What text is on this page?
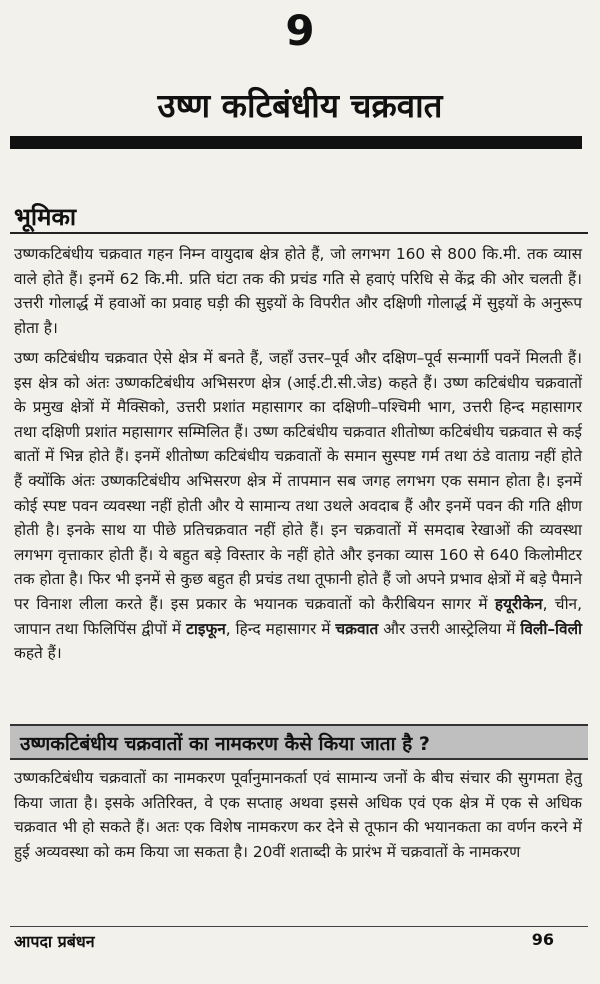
9
उष्ण कटिबंधीय चक्रवात
भूमिका

उष्णकटिबंधीय चक्रवात गहन निम्न वायुदाब क्षेत्र होते हैं, जो लगभग 160 से 800 कि.मी. तक व्यास वाले होते हैं। इनमें 62 कि.मी. प्रति घंटा तक की प्रचंड गति से हवाएं परिधि से केंद्र की ओर चलती हैं। उत्तरी गोलार्द्ध में हवाओं का प्रवाह घड़ी की सुइयों के विपरीत और दक्षिणी गोलार्द्ध में सुइयों के अनुरूप होता है।

उष्ण कटिबंधीय चक्रवात ऐसे क्षेत्र में बनते हैं, जहाँ उत्तर–पूर्व और दक्षिण–पूर्व सन्मार्गी पवनें मिलती हैं। इस क्षेत्र को अंतः उष्णकटिबंधीय अभिसरण क्षेत्र (आई.टी.सी.जेड) कहते हैं। उष्ण कटिबंधीय चक्रवातों के प्रमुख क्षेत्रों में मैक्सिको, उत्तरी प्रशांत महासागर का दक्षिणी–पश्चिमी भाग, उत्तरी हिन्द महासागर तथा दक्षिणी प्रशांत महासागर सम्मिलित हैं। उष्ण कटिबंधीय चक्रवात शीतोष्ण कटिबंधीय चक्रवात से कई बातों में भिन्न होते हैं। इनमें शीतोष्ण कटिबंधीय चक्रवातों के समान सुस्पष्ट गर्म तथा ठंडे वाताग्र नहीं होते हैं क्योंकि अंतः उष्णकटिबंधीय अभिसरण क्षेत्र में तापमान सब जगह लगभग एक समान होता है। इनमें कोई स्पष्ट पवन व्यवस्था नहीं होती और ये सामान्य तथा उथले अवदाब हैं और इनमें पवन की गति क्षीण होती है। इनके साथ या पीछे प्रतिचक्रवात नहीं होते हैं। इन चक्रवातों में समदाब रेखाओं की व्यवस्था लगभग वृत्ताकार होती हैं। ये बहुत बड़े विस्तार के नहीं होते और इनका व्यास 160 से 640 किलोमीटर तक होता है। फिर भी इनमें से कुछ बहुत ही प्रचंड तथा तूफानी होते हैं जो अपने प्रभाव क्षेत्रों में बड़े पैमाने पर विनाश लीला करते हैं। इस प्रकार के भयानक चक्रवातों को कैरीबियन सागर में हयूरीकेन, चीन, जापान तथा फिलिपिंस द्वीपों में टाइफून, हिन्द महासागर में चक्रवात और उत्तरी आस्ट्रेलिया में विली–विली कहते हैं।

उष्णकटिबंधीय चक्रवातों का नामकरण कैसे किया जाता है ?

उष्णकटिबंधीय चक्रवातों का नामकरण पूर्वानुमानकर्ता एवं सामान्य जनों के बीच संचार की सुगमता हेतु किया जाता है। इसके अतिरिक्त, वे एक सप्ताह अथवा इससे अधिक एवं एक क्षेत्र में एक से अधिक चक्रवात भी हो सकते हैं। अतः एक विशेष नामकरण कर देने से तूफान की भयानकता का वर्णन करने में हुई अव्यवस्था को कम किया जा सकता है। 20वीं शताब्दी के प्रारंभ में चक्रवातों के नामकरण

आपदा प्रबंधन	96
